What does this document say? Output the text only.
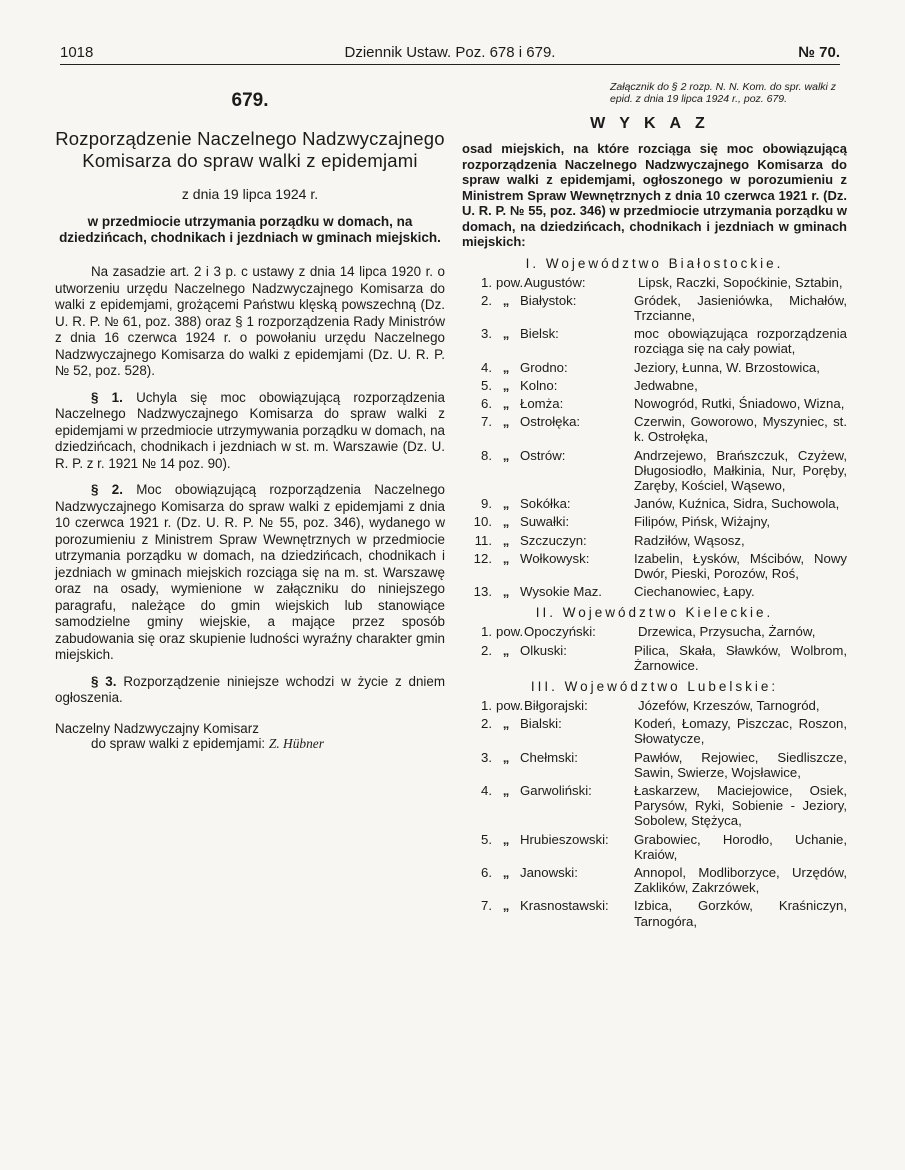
1018	Dziennik Ustaw. Poz. 678 i 679.	№ 70.
679.
Rozporządzenie Naczelnego Nadzwyczajnego Komisarza do spraw walki z epidemjami
z dnia 19 lipca 1924 r.
w przedmiocie utrzymania porządku w domach, na dziedzińcach, chodnikach i jezdniach w gminach miejskich.

Na zasadzie art. 2 i 3 p. c ustawy z dnia 14 lipca 1920 r. o utworzeniu urzędu Naczelnego Nadzwyczajnego Komisarza do walki z epidemjami, grożącemi Państwu klęską powszechną (Dz. U. R. P. № 61, poz. 388) oraz § 1 rozporządzenia Rady Ministrów z dnia 16 czerwca 1924 r. o powołaniu urzędu Naczelnego Nadzwyczajnego Komisarza do walki z epidemjami (Dz. U. R. P. № 52, poz. 528).

§ 1. Uchyla się moc obowiązującą rozporządzenia Naczelnego Nadzwyczajnego Komisarza do spraw walki z epidemjami w przedmiocie utrzymywania porządku w domach, na dziedzińcach, chodnikach i jezdniach w st. m. Warszawie (Dz. U. R. P. z r. 1921 № 14 poz. 90).

§ 2. Moc obowiązującą rozporządzenia Naczelnego Nadzwyczajnego Komisarza do spraw walki z epidemjami z dnia 10 czerwca 1921 r. (Dz. U. R. P. № 55, poz. 346), wydanego w porozumieniu z Ministrem Spraw Wewnętrznych w przedmiocie utrzymania porządku w domach, na dziedzińcach, chodnikach i jezdniach w gminach miejskich rozciąga się na m. st. Warszawę oraz na osady, wymienione w załączniku do niniejszego paragrafu, należące do gmin wiejskich lub stanowiące samodzielne gminy wiejskie, a mające przez sposób zabudowania się oraz skupienie ludności wyraźny charakter gmin miejskich.

§ 3. Rozporządzenie niniejsze wchodzi w życie z dniem ogłoszenia.

Naczelny Nadzwyczajny Komisarz
do spraw walki z epidemjami: Z. Hübner
Załącznik do § 2 rozp. N. N. Kom. do spr. walki z epid. z dnia 19 lipca 1924 r., poz. 679.
WYKAZ
osad miejskich, na które rozciąga się moc obowiązującą rozporządzenia Naczelnego Nadzwyczajnego Komisarza do spraw walki z epidemjami, ogłoszonego w porozumieniu z Ministrem Spraw Wewnętrznych z dnia 10 czerwca 1921 r. (Dz. U. R. P. № 55, poz. 346) w przedmiocie utrzymania porządku w domach, na dziedzińcach, chodnikach i jezdniach w gminach miejskich:
I. Województwo Białostockie.
1. pow. Augustów:	Lipsk, Raczki, Sopoćkinie, Sztabin,
2. „ Białystok:	Gródek, Jasieniówka, Michałów, Trzcianne,
3. „ Bielsk:	moc obowiązująca rozporządzenia rozciąga się na cały powiat,
4. „ Grodno:	Jeziory, Łunna, W. Brzostowica,
5. „ Kolno:	Jedwabne,
6. „ Łomża:	Nowogród, Rutki, Śniadowo, Wizna,
7. „ Ostrołęka:	Czerwin, Goworowo, Myszyniec, st. k. Ostrołęka,
8. „ Ostrów:	Andrzejewo, Brańszczuk, Czyżew, Długosiodło, Małkinia, Nur, Poręby, Zaręby, Kościel, Wąsewo,
9. „ Sokółka:	Janów, Kuźnica, Sidra, Suchowola,
10. „ Suwałki:	Filipów, Pińsk, Wiżajny,
11. „ Szczuczyn:	Radziłów, Wąsosz,
12. „ Wołkowysk:	Izabelin, Łysków, Mścibów, Nowy Dwór, Pieski, Porozów, Roś,
13. „ Wysokie Maz.	Ciechanowiec, Łapy.
II. Województwo Kieleckie.
1. pow. Opoczyński:	Drzewica, Przysucha, Żarnów,
2. „ Olkuski:	Pilica, Skała, Sławków, Wolbrom, Żarnowice.
III. Województwo Lubelskie:
1. pow. Biłgorajski:	Józefów, Krzeszów, Tarnogród,
2. „ Bialski:	Kodeń, Łomazy, Piszczac, Roszon, Słowatycze,
3. „ Chełmski:	Pawłów, Rejowiec, Siedliszcze, Sawin, Swierze, Wojsławice,
4. „ Garwoliński:	Łaskarzew, Maciejowice, Osiek, Parysów, Ryki, Sobienie - Jeziory, Sobolew, Stężyca,
5. „ Hrubieszowski:	Grabowiec, Horodło, Uchanie, Kraiów,
6. „ Janowski:	Annopol, Modliborzyce, Urzędów, Zaklików, Zakrzówek,
7. „ Krasnostawski:	Izbica, Gorzków, Kraśniczyn, Tarnogóra,
